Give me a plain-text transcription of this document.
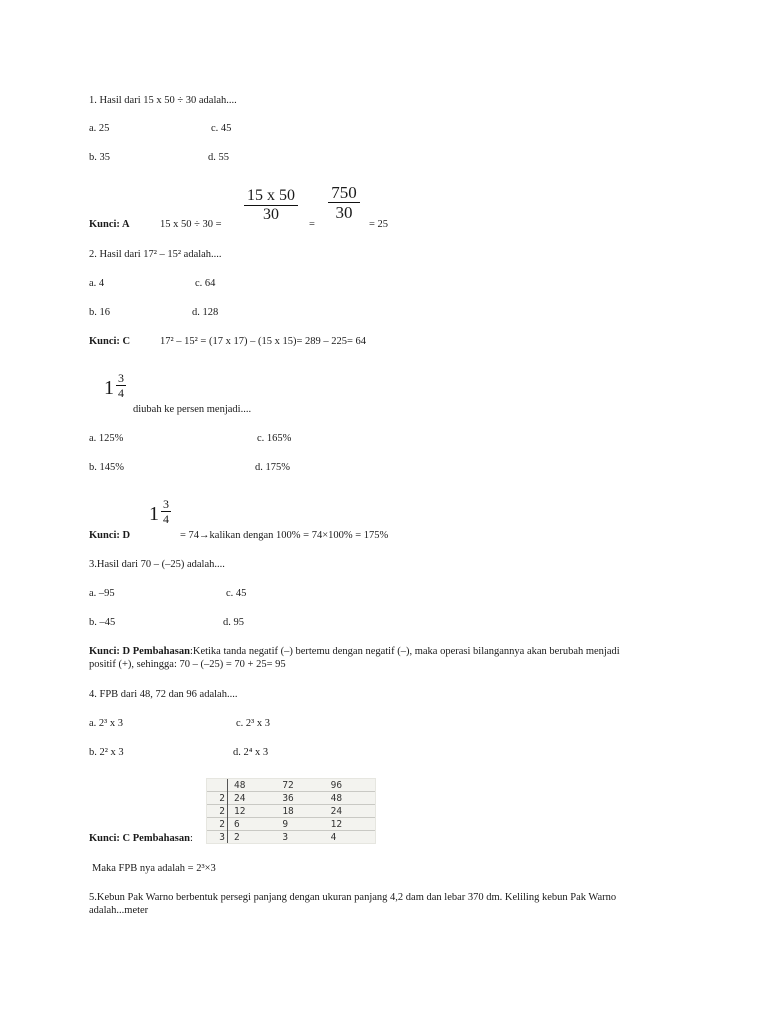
1. Hasil dari 15 x 50 ÷ 30 adalah....
a. 25	c. 45
b. 35	d. 55
15 x 50
30
750
30
Kunci: A	15 x 50 ÷ 30 =	=	= 25
2. Hasil dari 17² – 15² adalah....
a. 4	c. 64
b. 16	d. 128
Kunci: C	17² – 15² = (17 x 17) – (15 x 15)= 289 – 225= 64
1 3
4
diubah ke persen menjadi....
a. 125%	c. 165%
b. 145%	d. 175%
1 3
4
Kunci: D	= 74→kalikan dengan 100% = 74×100% = 175%
3.Hasil dari 70 – (–25) adalah....
a. –95	c. 45
b. –45	d. 95
Kunci: D Pembahasan:Ketika tanda negatif (–) bertemu dengan negatif (–), maka operasi bilangannya akan berubah menjadi
positif (+), sehingga: 70 – (–25) = 70 + 25= 95
4. FPB dari 48, 72 dan 96 adalah....
a. 2³ x 3	c. 2³ x 3
b. 2² x 3	d. 2⁴ x 3
		48	72	96
2		24	36	48
2		12	18	24
2		6	9	12
3		2	3	4
Kunci: C Pembahasan:
Maka FPB nya adalah = 2³×3
5.Kebun Pak Warno berbentuk persegi panjang dengan ukuran panjang 4,2 dam dan lebar 370 dm. Keliling kebun Pak Warno
adalah...meter
